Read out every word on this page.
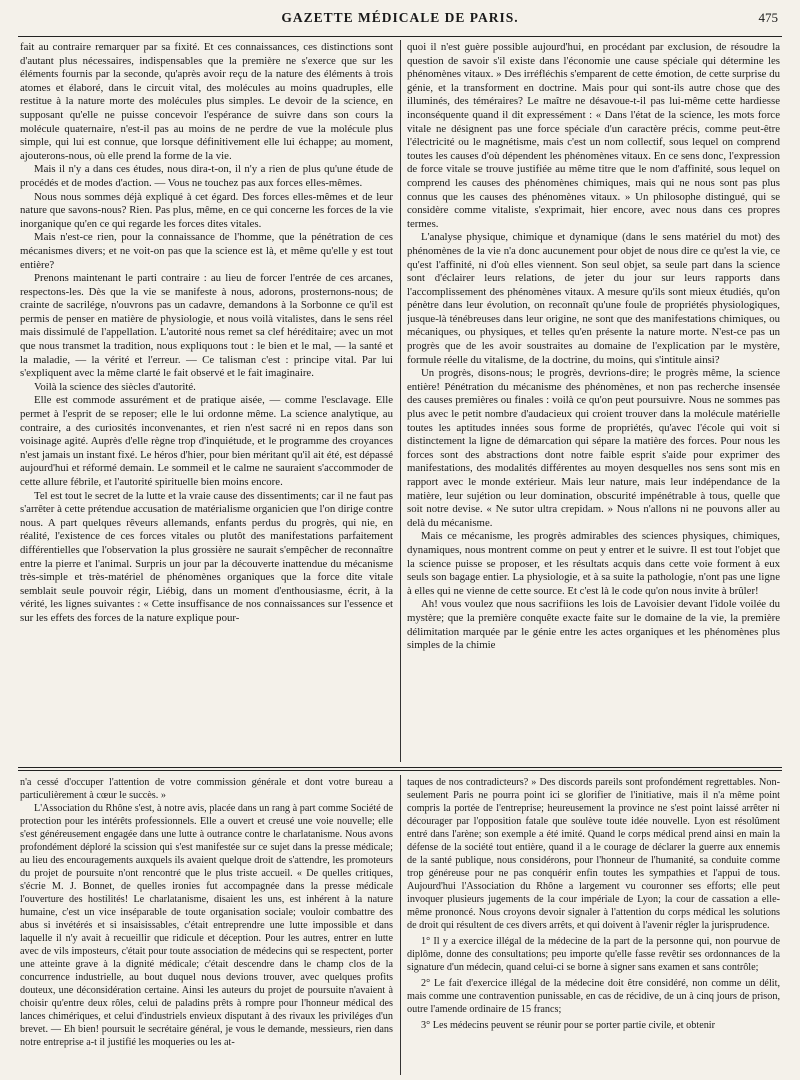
GAZETTE MÉDICALE DE PARIS.	475

fait au contraire remarquer par sa fixité. Et ces connaissances, ces distinctions sont d'autant plus nécessaires, indispensables que la première ne s'exerce que sur les éléments fournis par la seconde, qu'après avoir reçu de la nature des éléments à trois atomes et élaboré, dans le circuit vital, des molécules au moins quadruples, elle restitue à la nature morte des molécules plus simples. Le devoir de la science, en supposant qu'elle ne puisse concevoir l'espérance de suivre dans son cours la molécule quaternaire, n'est-il pas au moins de ne perdre de vue la molécule plus simple, qui lui est connue, que lorsque définitivement elle lui échappe; au moment, ajouterons-nous, où elle prend la forme de la vie.

Mais il n'y a dans ces études, nous dira-t-on, il n'y a rien de plus qu'une étude de procédés et de modes d'action. — Vous ne touchez pas aux forces elles-mêmes.

Nous nous sommes déjà expliqué à cet égard. Des forces elles-mêmes et de leur nature que savons-nous? Rien. Pas plus, même, en ce qui concerne les forces de la vie inorganique qu'en ce qui regarde les forces dites vitales.

Mais n'est-ce rien, pour la connaissance de l'homme, que la pénétration de ces mécanismes divers; et ne voit-on pas que la science est là, et même qu'elle y est tout entière?

Prenons maintenant le parti contraire : au lieu de forcer l'entrée de ces arcanes, respectons-les. Dès que la vie se manifeste à nous, adorons, prosternons-nous; de crainte de sacrilége, n'ouvrons pas un cadavre, demandons à la Sorbonne ce qu'il est permis de penser en matière de physiologie, et nous voilà vitalistes, dans le sens réel mais dissimulé de l'appellation. L'autorité nous remet sa clef héréditaire; avec un mot que nous transmet la tradition, nous expliquons tout : le bien et le mal, — la santé et la maladie, — la vérité et l'erreur. — Ce talisman c'est : principe vital. Par lui s'expliquent avec la même clarté le fait observé et le fait imaginaire.

Voilà la science des siècles d'autorité.

Elle est commode assurément et de pratique aisée, — comme l'esclavage. Elle permet à l'esprit de se reposer; elle le lui ordonne même. La science analytique, au contraire, a des curiosités inconvenantes, et rien n'est sacré ni en repos dans son voisinage agité. Auprès d'elle règne trop d'inquiétude, et le programme des croyances n'est jamais un instant fixé. Le héros d'hier, pour bien méritant qu'il ait été, est dépassé aujourd'hui et réformé demain. Le sommeil et le calme ne sauraient s'accommoder de cette allure fébrile, et l'autorité spirituelle bien moins encore.

Tel est tout le secret de la lutte et la vraie cause des dissentiments; car il ne faut pas s'arrêter à cette prétendue accusation de matérialisme organicien que l'on dirige contre nous. A part quelques rêveurs allemands, enfants perdus du progrès, qui nie, en réalité, l'existence de ces forces vitales ou plutôt des manifestations parfaitement différentielles que l'observation la plus grossière ne saurait s'empêcher de reconnaître entre la pierre et l'animal. Surpris un jour par la découverte inattendue du mécanisme très-simple et très-matériel de phénomènes organiques que la force dite vitale semblait seule pouvoir régir, Liébig, dans un moment d'enthousiasme, écrit, à la vérité, les lignes suivantes : « Cette insuffisance de nos connaissances sur l'essence et sur les effets des forces de la nature explique pour-

quoi il n'est guère possible aujourd'hui, en procédant par exclusion, de résoudre la question de savoir s'il existe dans l'économie une cause spéciale qui détermine les phénomènes vitaux. » Des irréfléchis s'emparent de cette émotion, de cette surprise du génie, et la transforment en doctrine. Mais pour qui sont-ils autre chose que des illuminés, des téméraires? Le maître ne désavoue-t-il pas lui-même cette hardiesse inconséquente quand il dit expressément : « Dans l'état de la science, les mots force vitale ne désignent pas une force spéciale d'un caractère précis, comme peut-être l'électricité ou le magnétisme, mais c'est un nom collectif, sous lequel on comprend toutes les causes d'où dépendent les phénomènes vitaux. En ce sens donc, l'expression de force vitale se trouve justifiée au même titre que le nom d'affinité, sous lequel on comprend les causes des phénomènes chimiques, mais qui ne nous sont pas plus connus que les causes des phénomènes vitaux. » Un philosophe distingué, qui se considère comme vitaliste, s'exprimait, hier encore, avec nous dans ces propres termes.

L'analyse physique, chimique et dynamique (dans le sens matériel du mot) des phénomènes de la vie n'a donc aucunement pour objet de nous dire ce qu'est la vie, ce qu'est l'affinité, ni d'où elles viennent. Son seul objet, sa seule part dans la science sont d'éclairer leurs relations, de jeter du jour sur leurs rapports dans l'accomplissement des phénomènes vitaux. A mesure qu'ils sont mieux étudiés, qu'on pénètre dans leur évolution, on reconnaît qu'une foule de propriétés physiologiques, jusque-là ténébreuses dans leur origine, ne sont que des manifestations chimiques, ou mécaniques, ou physiques, et telles qu'en présente la nature morte. N'est-ce pas un progrès que de les avoir soustraites au domaine de l'explication par le mystère, formule réelle du vitalisme, de la doctrine, du moins, qui s'intitule ainsi?

Un progrès, disons-nous; le progrès, devrions-dire; le progrès même, la science entière! Pénétration du mécanisme des phénomènes, et non pas recherche insensée des causes premières ou finales : voilà ce qu'on peut poursuivre. Nous ne sommes pas plus avec le petit nombre d'audacieux qui croient trouver dans la molécule matérielle toutes les aptitudes innées sous forme de propriétés, qu'avec l'école qui voit si distinctement la ligne de démarcation qui sépare la matière des forces. Pour nous les forces sont des abstractions dont notre faible esprit s'aide pour exprimer des manifestations, des modalités différentes au moyen desquelles nos sens sont mis en rapport avec le monde extérieur. Mais leur nature, mais leur indépendance de la matière, leur sujétion ou leur domination, obscurité impénétrable à tous, quelle que soit notre devise. « Ne sutor ultra crepidam. » Nous n'allons ni ne pouvons aller au delà du mécanisme.

Mais ce mécanisme, les progrès admirables des sciences physiques, chimiques, dynamiques, nous montrent comme on peut y entrer et le suivre. Il est tout l'objet que la science puisse se proposer, et les résultats acquis dans cette voie forment à eux seuls son bagage entier. La physiologie, et à sa suite la pathologie, n'ont pas une ligne à elles qui ne vienne de cette source. Et c'est là le code qu'on nous invite à brûler!

Ah! vous voulez que nous sacrifiions les lois de Lavoisier devant l'idole voilée du mystère; que la première conquête exacte faite sur le domaine de la vie, la première délimitation marquée par le génie entre les actes organiques et les phénomènes plus simples de la chimie

n'a cessé d'occuper l'attention de votre commission générale et dont votre bureau a particulièrement à cœur le succès. »

L'Association du Rhône s'est, à notre avis, placée dans un rang à part comme Société de protection pour les intérêts professionnels. Elle a ouvert et creusé une voie nouvelle; elle s'est généreusement engagée dans une lutte à outrance contre le charlatanisme. Nous avons profondément déploré la scission qui s'est manifestée sur ce sujet dans la presse médicale; au lieu des encouragements auxquels ils avaient quelque droit de s'attendre, les promoteurs du projet de poursuite n'ont rencontré que le plus triste accueil. « De quelles critiques, s'écrie M. J. Bonnet, de quelles ironies fut accompagnée dans la presse médicale l'ouverture des hostilités! Le charlatanisme, disaient les uns, est inhérent à la nature humaine, c'est un vice inséparable de toute organisation sociale; vouloir combattre des abus si invétérés et si insaisissables, c'était entreprendre une lutte impossible et dans laquelle il n'y avait à recueillir que ridicule et déception. Pour les autres, entrer en lutte avec de vils imposteurs, c'était pour toute association de médecins qui se respectent, porter une atteinte grave à la dignité médicale; c'était descendre dans le champ clos de la concurrence industrielle, au bout duquel nous devions trouver, avec quelques profits douteux, une déconsidération certaine. Ainsi les auteurs du projet de poursuite n'avaient à choisir qu'entre deux rôles, celui de paladins prêts à rompre pour l'honneur médical des lances chimériques, et celui d'industriels envieux disputant à des rivaux les priviléges d'un brevet. — Eh bien! poursuit le secrétaire général, je vous le demande, messieurs, rien dans notre entreprise a-t il justifié les moqueries ou les at-

taques de nos contradicteurs? » Des discords pareils sont profondément regrettables. Non-seulement Paris ne pourra point ici se glorifier de l'initiative, mais il n'a même point compris la portée de l'entreprise; heureusement la province ne s'est point laissé arrêter ni décourager par l'opposition fatale que soulève toute idée nouvelle. Lyon est résolûment entré dans l'arène; son exemple a été imité. Quand le corps médical prend ainsi en main la défense de la société tout entière, quand il a le courage de déclarer la guerre aux ennemis de la santé publique, nous considérons, pour l'honneur de l'humanité, sa conduite comme trop généreuse pour ne pas conquérir enfin toutes les sympathies et l'appui de tous. Aujourd'hui l'Association du Rhône a largement vu couronner ses efforts; elle peut invoquer plusieurs jugements de la cour impériale de Lyon; la cour de cassation a elle-même prononcé. Nous croyons devoir signaler à l'attention du corps médical les solutions de droit qui résultent de ces divers arrêts, et qui doivent à l'avenir régler la jurisprudence.

1° Il y a exercice illégal de la médecine de la part de la personne qui, non pourvue de diplôme, donne des consultations; peu importe qu'elle fasse revêtir ses ordonnances de la signature d'un médecin, quand celui-ci se borne à signer sans examen et sans contrôle;

2° Le fait d'exercice illégal de la médecine doit être considéré, non comme un délit, mais comme une contravention punissable, en cas de récidive, de un à cinq jours de prison, outre l'amende ordinaire de 15 francs;

3° Les médecins peuvent se réunir pour se porter partie civile, et obtenir
